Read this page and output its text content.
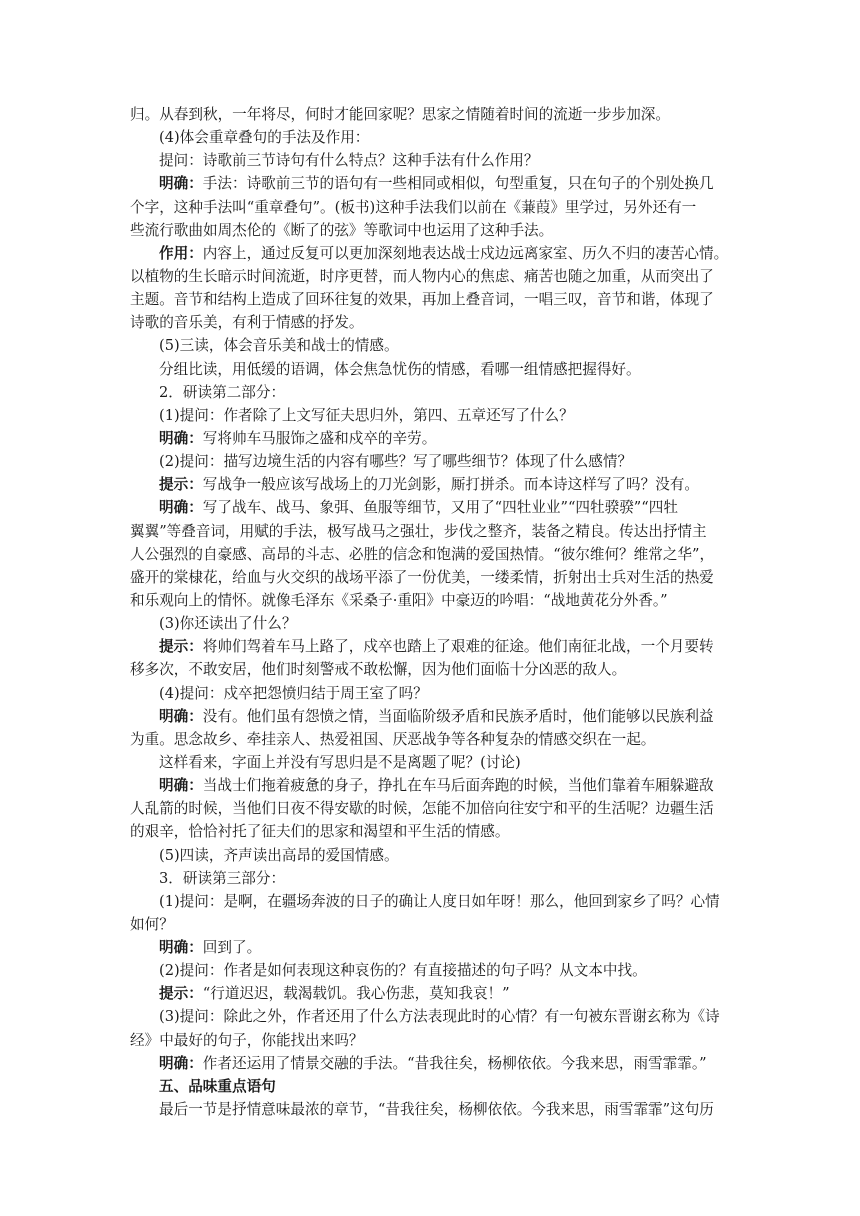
归。从春到秋，一年将尽，何时才能回家呢？思家之情随着时间的流逝一步步加深。
(4)体会重章叠句的手法及作用：
提问：诗歌前三节诗句有什么特点？这种手法有什么作用？
明确：手法：诗歌前三节的语句有一些相同或相似，句型重复，只在句子的个别处换几
个字，这种手法叫“重章叠句”。(板书)这种手法我们以前在《蒹葭》里学过，另外还有一
些流行歌曲如周杰伦的《断了的弦》等歌词中也运用了这种手法。
作用：内容上，通过反复可以更加深刻地表达战士戍边远离家室、历久不归的凄苦心情。
以植物的生长暗示时间流逝，时序更替，而人物内心的焦虑、痛苦也随之加重，从而突出了
主题。音节和结构上造成了回环往复的效果，再加上叠音词，一唱三叹，音节和谐，体现了
诗歌的音乐美，有利于情感的抒发。
(5)三读，体会音乐美和战士的情感。
分组比读，用低缓的语调，体会焦急忧伤的情感，看哪一组情感把握得好。
2．研读第二部分：
(1)提问：作者除了上文写征夫思归外，第四、五章还写了什么？
明确：写将帅车马服饰之盛和戍卒的辛劳。
(2)提问：描写边境生活的内容有哪些？写了哪些细节？体现了什么感情？
提示：写战争一般应该写战场上的刀光剑影，厮打拼杀。而本诗这样写了吗？没有。
明确：写了战车、战马、象弭、鱼服等细节，又用了“四牡业业”“四牡骙骙”“四牡
翼翼”等叠音词，用赋的手法，极写战马之强壮，步伐之整齐，装备之精良。传达出抒情主
人公强烈的自豪感、高昂的斗志、必胜的信念和饱满的爱国热情。“彼尔维何？维常之华”，
盛开的棠棣花，给血与火交织的战场平添了一份优美，一缕柔情，折射出士兵对生活的热爱
和乐观向上的情怀。就像毛泽东《采桑子·重阳》中豪迈的吟唱：“战地黄花分外香。”
(3)你还读出了什么？
提示：将帅们驾着车马上路了，戍卒也踏上了艰难的征途。他们南征北战，一个月要转
移多次，不敢安居，他们时刻警戒不敢松懈，因为他们面临十分凶恶的敌人。
(4)提问：戍卒把怨愤归结于周王室了吗？
明确：没有。他们虽有怨愤之情，当面临阶级矛盾和民族矛盾时，他们能够以民族利益
为重。思念故乡、牵挂亲人、热爱祖国、厌恶战争等各种复杂的情感交织在一起。
这样看来，字面上并没有写思归是不是离题了呢？(讨论)
明确：当战士们拖着疲惫的身子，挣扎在车马后面奔跑的时候，当他们靠着车厢躲避敌
人乱箭的时候，当他们日夜不得安歇的时候，怎能不加倍向往安宁和平的生活呢？边疆生活
的艰辛，恰恰衬托了征夫们的思家和渴望和平生活的情感。
(5)四读，齐声读出高昂的爱国情感。
3．研读第三部分：
(1)提问：是啊，在疆场奔波的日子的确让人度日如年呀！那么，他回到家乡了吗？心情
如何？
明确：回到了。
(2)提问：作者是如何表现这种哀伤的？有直接描述的句子吗？从文本中找。
提示：“行道迟迟，载渴载饥。我心伤悲，莫知我哀！”
(3)提问：除此之外，作者还用了什么方法表现此时的心情？有一句被东晋谢玄称为《诗
经》中最好的句子，你能找出来吗？
明确：作者还运用了情景交融的手法。“昔我往矣，杨柳依依。今我来思，雨雪霏霏。”
五、品味重点语句
最后一节是抒情意味最浓的章节，“昔我往矣，杨柳依依。今我来思，雨雪霏霏”这句历
